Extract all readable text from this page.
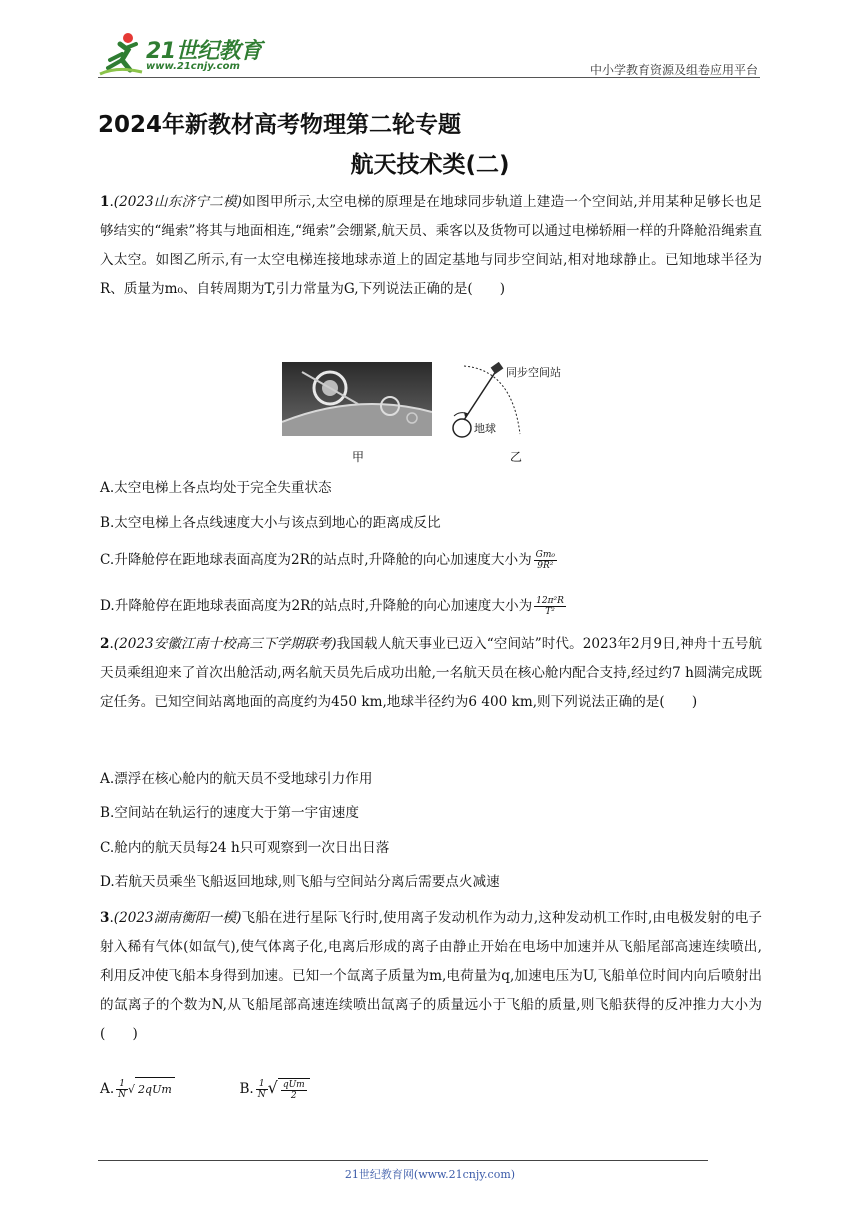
21世纪教育
www.21cnjy.com	中小学教育资源及组卷应用平台
2024年新教材高考物理第二轮专题
航天技术类(二)
1.(2023山东济宁二模)如图甲所示,太空电梯的原理是在地球同步轨道上建造一个空间站,并用某种足够长也足够结实的“绳索”将其与地面相连,“绳索”会绷紧,航天员、乘客以及货物可以通过电梯轿厢一样的升降舱沿绳索直入太空。如图乙所示,有一太空电梯连接地球赤道上的固定基地与同步空间站,相对地球静止。已知地球半径为R、质量为m₀、自转周期为T,引力常量为G,下列说法正确的是(　　)
同步空间站
地球
甲	乙
A.太空电梯上各点均处于完全失重状态
B.太空电梯上各点线速度大小与该点到地心的距离成反比
C.升降舱停在距地球表面高度为2R的站点时,升降舱的向心加速度大小为 $\frac{\text{Gm₀}}{\text{9R²}}$
D.升降舱停在距地球表面高度为2R的站点时,升降舱的向心加速度大小为 $\frac{\text{12π²R}}{\text{T²}}$
2.(2023安徽江南十校高三下学期联考)我国载人航天事业已迈入“空间站”时代。2023年2月9日,神舟十五号航天员乘组迎来了首次出舱活动,两名航天员先后成功出舱,一名航天员在核心舱内配合支持,经过约7 h圆满完成既定任务。已知空间站离地面的高度约为450 km,地球半径约为6 400 km,则下列说法正确的是(　　)
A.漂浮在核心舱内的航天员不受地球引力作用
B.空间站在轨运行的速度大于第一宇宙速度
C.舱内的航天员每24 h只可观察到一次日出日落
D.若航天员乘坐飞船返回地球,则飞船与空间站分离后需要点火减速
3.(2023湖南衡阳一模)飞船在进行星际飞行时,使用离子发动机作为动力,这种发动机工作时,由电极发射的电子射入稀有气体(如氙气),使气体离子化,电离后形成的离子由静止开始在电场中加速并从飞船尾部高速连续喷出,利用反冲使飞船本身得到加速。已知一个氙离子质量为m,电荷量为q,加速电压为U,飞船单位时间内向后喷射出的氙离子的个数为N,从飞船尾部高速连续喷出氙离子的质量远小于飞船的质量,则飞船获得的反冲推力大小为(　　)
A. $\frac{1}{N}$ √ 2qUm	B. $\frac{1}{N}$ √ $\frac{\text{qUm}}{2}$
21世纪教育网(www.21cnjy.com)
